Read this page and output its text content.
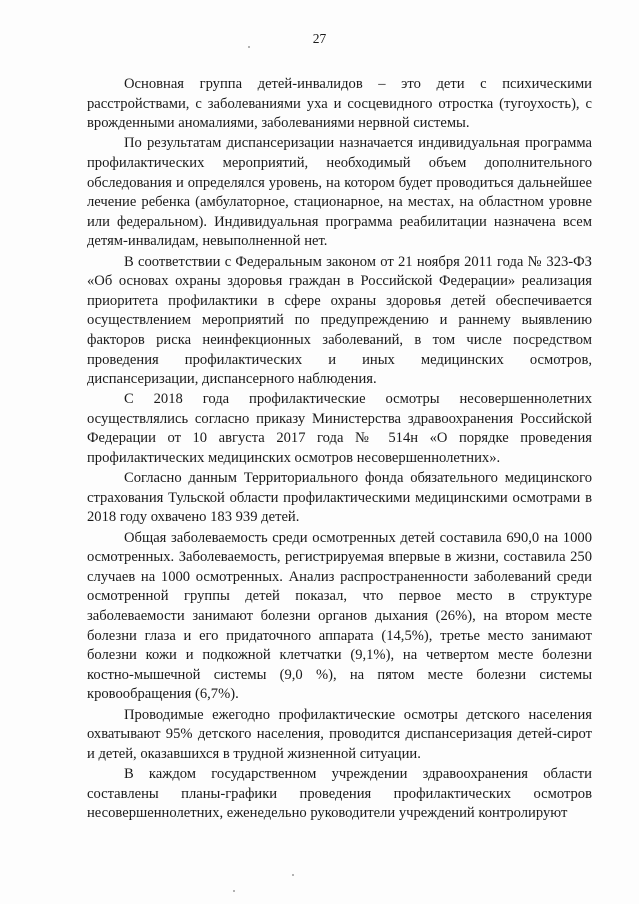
27

Основная группа детей-инвалидов – это дети с психическими расстройствами, с заболеваниями уха и сосцевидного отростка (тугоухость), с врожденными аномалиями, заболеваниями нервной системы.

По результатам диспансеризации назначается индивидуальная программа профилактических мероприятий, необходимый объем дополнительного обследования и определялся уровень, на котором будет проводиться дальнейшее лечение ребенка (амбулаторное, стационарное, на местах, на областном уровне или федеральном). Индивидуальная программа реабилитации назначена всем детям-инвалидам, невыполненной нет.

В соответствии с Федеральным законом от 21 ноября 2011 года № 323-ФЗ «Об основах охраны здоровья граждан в Российской Федерации» реализация приоритета профилактики в сфере охраны здоровья детей обеспечивается осуществлением мероприятий по предупреждению и раннему выявлению факторов риска неинфекционных заболеваний, в том числе посредством проведения профилактических и иных медицинских осмотров, диспансеризации, диспансерного наблюдения.

С 2018 года профилактические осмотры несовершеннолетних осуществлялись согласно приказу Министерства здравоохранения Российской Федерации от 10 августа 2017 года № 514н «О порядке проведения профилактических медицинских осмотров несовершеннолетних».

Согласно данным Территориального фонда обязательного медицинского страхования Тульской области профилактическими медицинскими осмотрами в 2018 году охвачено 183 939 детей.

Общая заболеваемость среди осмотренных детей составила 690,0 на 1000 осмотренных. Заболеваемость, регистрируемая впервые в жизни, составила 250 случаев на 1000 осмотренных. Анализ распространенности заболеваний среди осмотренной группы детей показал, что первое место в структуре заболеваемости занимают болезни органов дыхания (26%), на втором месте болезни глаза и его придаточного аппарата (14,5%), третье место занимают болезни кожи и подкожной клетчатки (9,1%), на четвертом месте болезни костно-мышечной системы (9,0 %), на пятом месте болезни системы кровообращения (6,7%).

Проводимые ежегодно профилактические осмотры детского населения охватывают 95% детского населения, проводится диспансеризация детей-сирот и детей, оказавшихся в трудной жизненной ситуации.

В каждом государственном учреждении здравоохранения области составлены планы-графики проведения профилактических осмотров несовершеннолетних, еженедельно руководители учреждений контролируют
